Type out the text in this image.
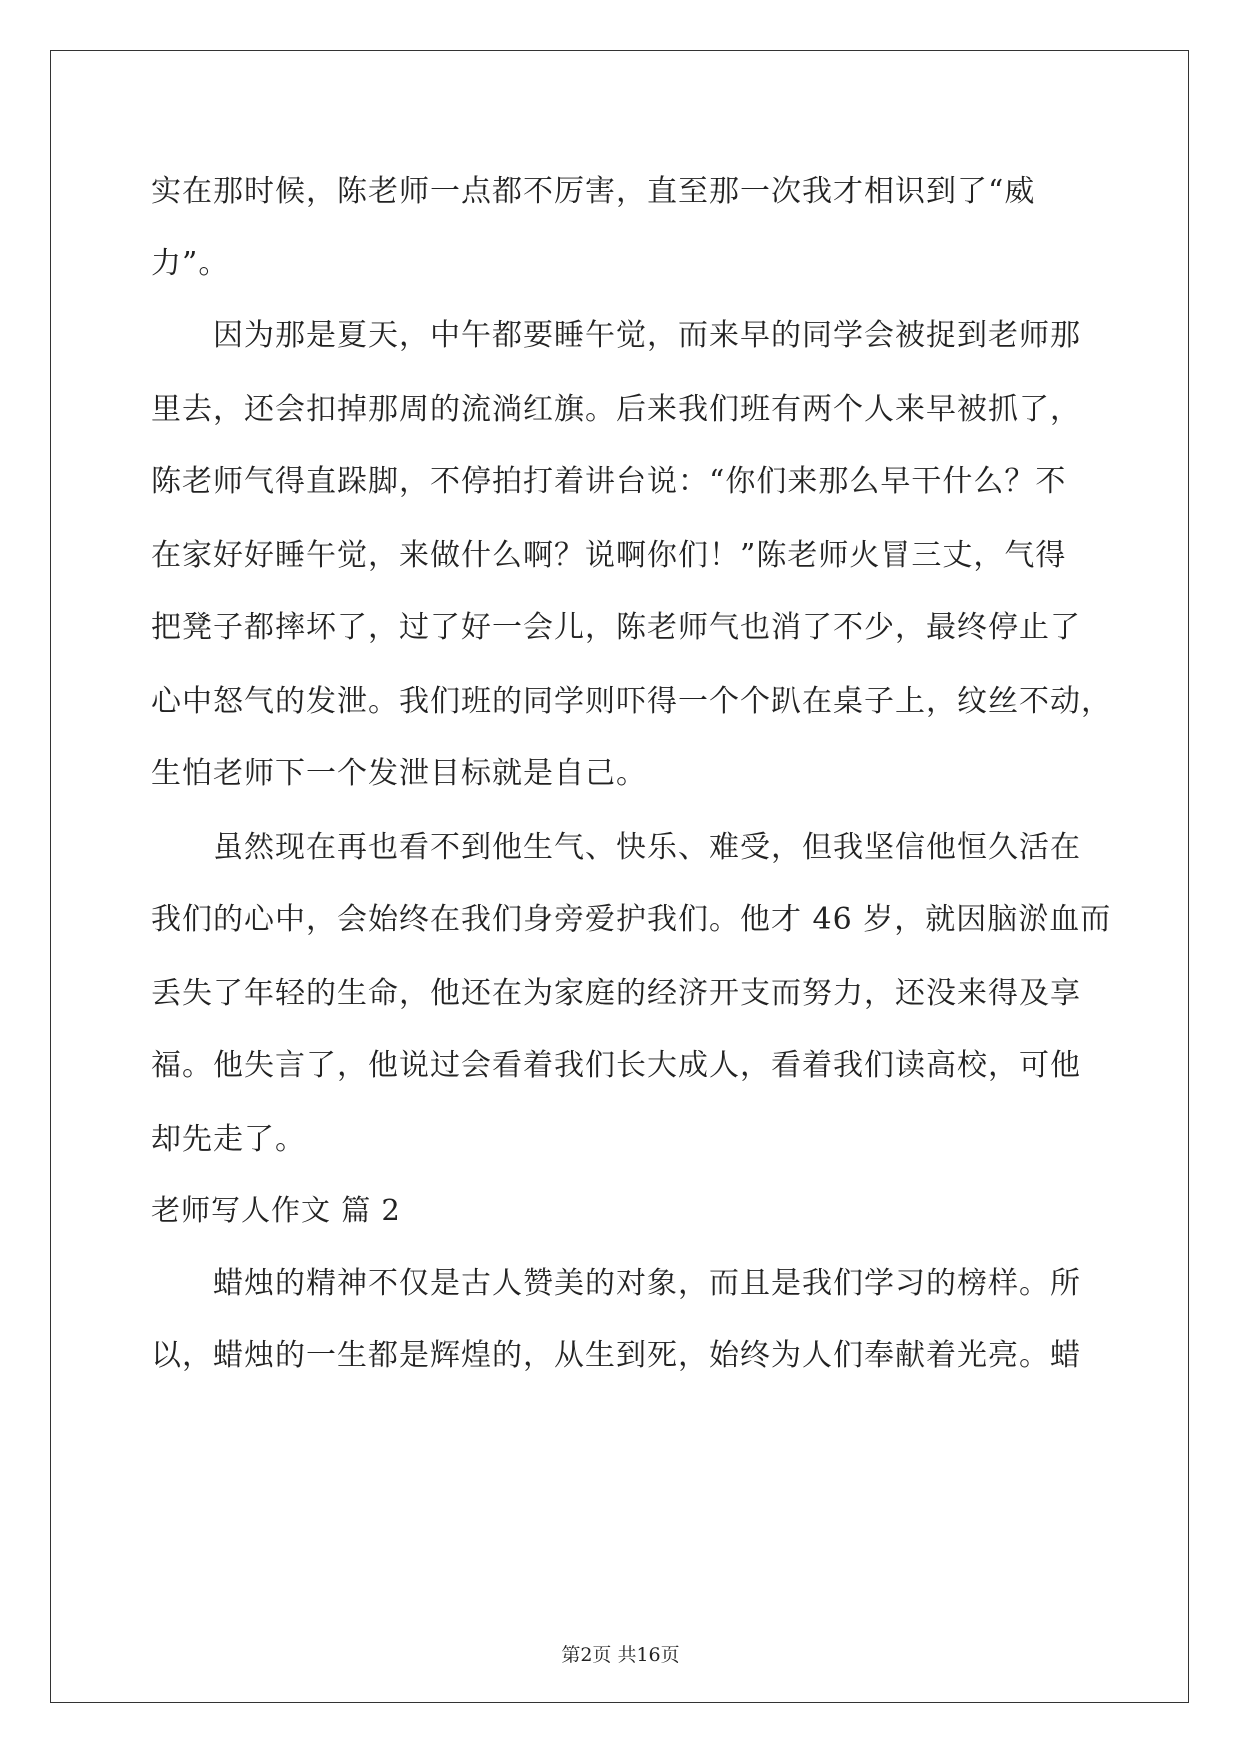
实在那时候，陈老师一点都不厉害，直至那一次我才相识到了“威
力”。
因为那是夏天，中午都要睡午觉，而来早的同学会被捉到老师那
里去，还会扣掉那周的流淌红旗。后来我们班有两个人来早被抓了，
陈老师气得直跺脚，不停拍打着讲台说：“你们来那么早干什么？不
在家好好睡午觉，来做什么啊？说啊你们！”陈老师火冒三丈，气得
把凳子都摔坏了，过了好一会儿，陈老师气也消了不少，最终停止了
心中怒气的发泄。我们班的同学则吓得一个个趴在桌子上，纹丝不动，
生怕老师下一个发泄目标就是自己。
虽然现在再也看不到他生气、快乐、难受，但我坚信他恒久活在
我们的心中，会始终在我们身旁爱护我们。他才 46 岁，就因脑淤血而
丢失了年轻的生命，他还在为家庭的经济开支而努力，还没来得及享
福。他失言了，他说过会看着我们长大成人，看着我们读高校，可他
却先走了。
老师写人作文 篇 2
蜡烛的精神不仅是古人赞美的对象，而且是我们学习的榜样。所
以，蜡烛的一生都是辉煌的，从生到死，始终为人们奉献着光亮。蜡
第2页 共16页
